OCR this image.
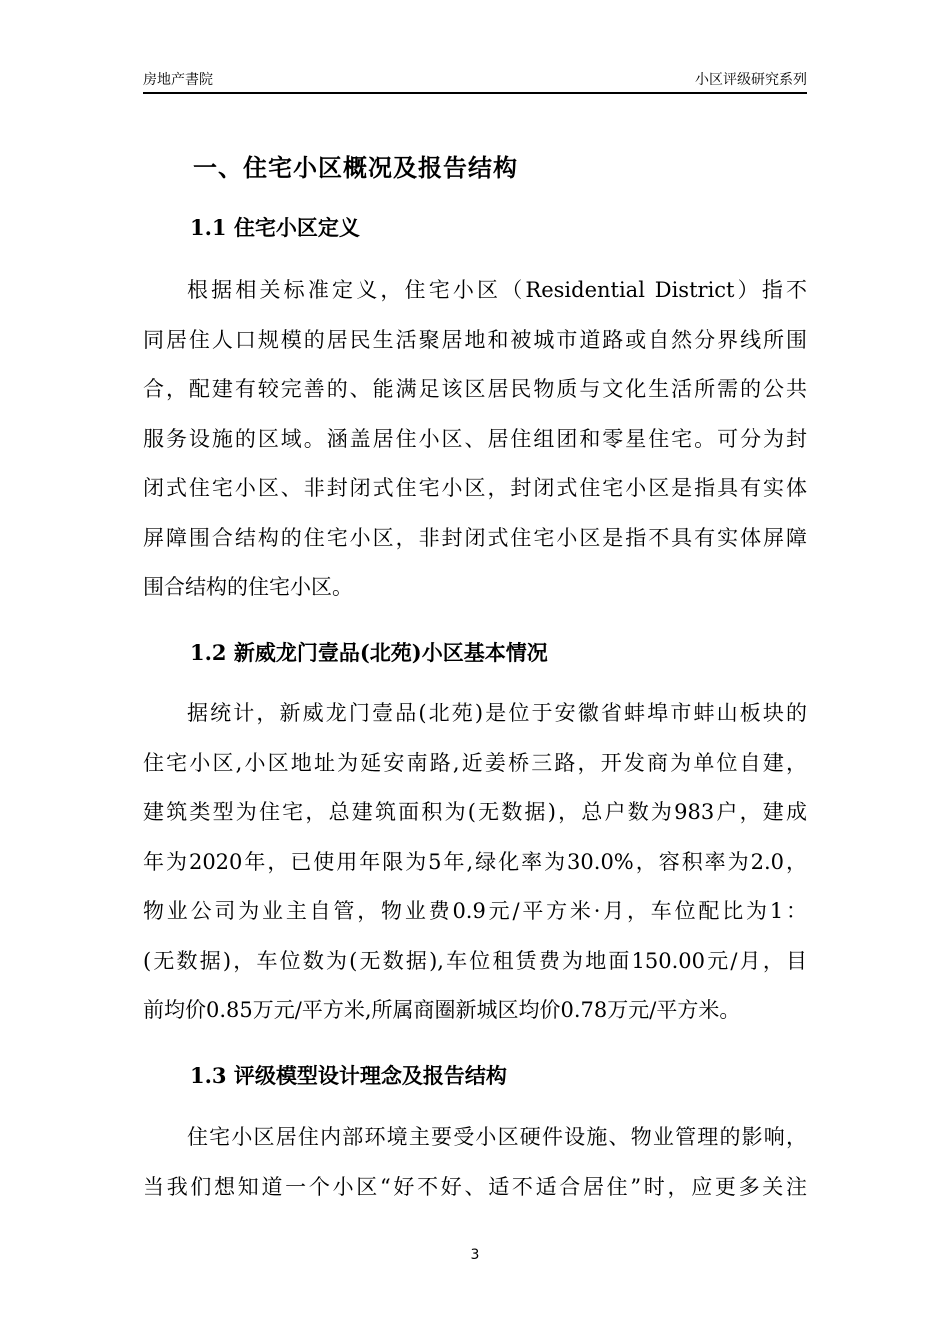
房地产書院	小区评级研究系列
一、住宅小区概况及报告结构
1.1 住宅小区定义
根据相关标准定义，住宅小区（Residential District）指不
同居住人口规模的居民生活聚居地和被城市道路或自然分界线所围
合，配建有较完善的、能满足该区居民物质与文化生活所需的公共
服务设施的区域。涵盖居住小区、居住组团和零星住宅。可分为封
闭式住宅小区、非封闭式住宅小区，封闭式住宅小区是指具有实体
屏障围合结构的住宅小区，非封闭式住宅小区是指不具有实体屏障
围合结构的住宅小区。
1.2 新威龙门壹品(北苑)小区基本情况
据统计，新威龙门壹品(北苑)是位于安徽省蚌埠市蚌山板块的
住宅小区,小区地址为延安南路,近姜桥三路，开发商为单位自建，
建筑类型为住宅，总建筑面积为(无数据)，总户数为983户，建成
年为2020年，已使用年限为5年,绿化率为30.0%，容积率为2.0，
物业公司为业主自管，物业费0.9元/平方米·月，车位配比为1：
(无数据)，车位数为(无数据),车位租赁费为地面150.00元/月，目
前均价0.85万元/平方米,所属商圈新城区均价0.78万元/平方米。
1.3 评级模型设计理念及报告结构
住宅小区居住内部环境主要受小区硬件设施、物业管理的影响，
当我们想知道一个小区“好不好、适不适合居住”时，应更多关注
3
